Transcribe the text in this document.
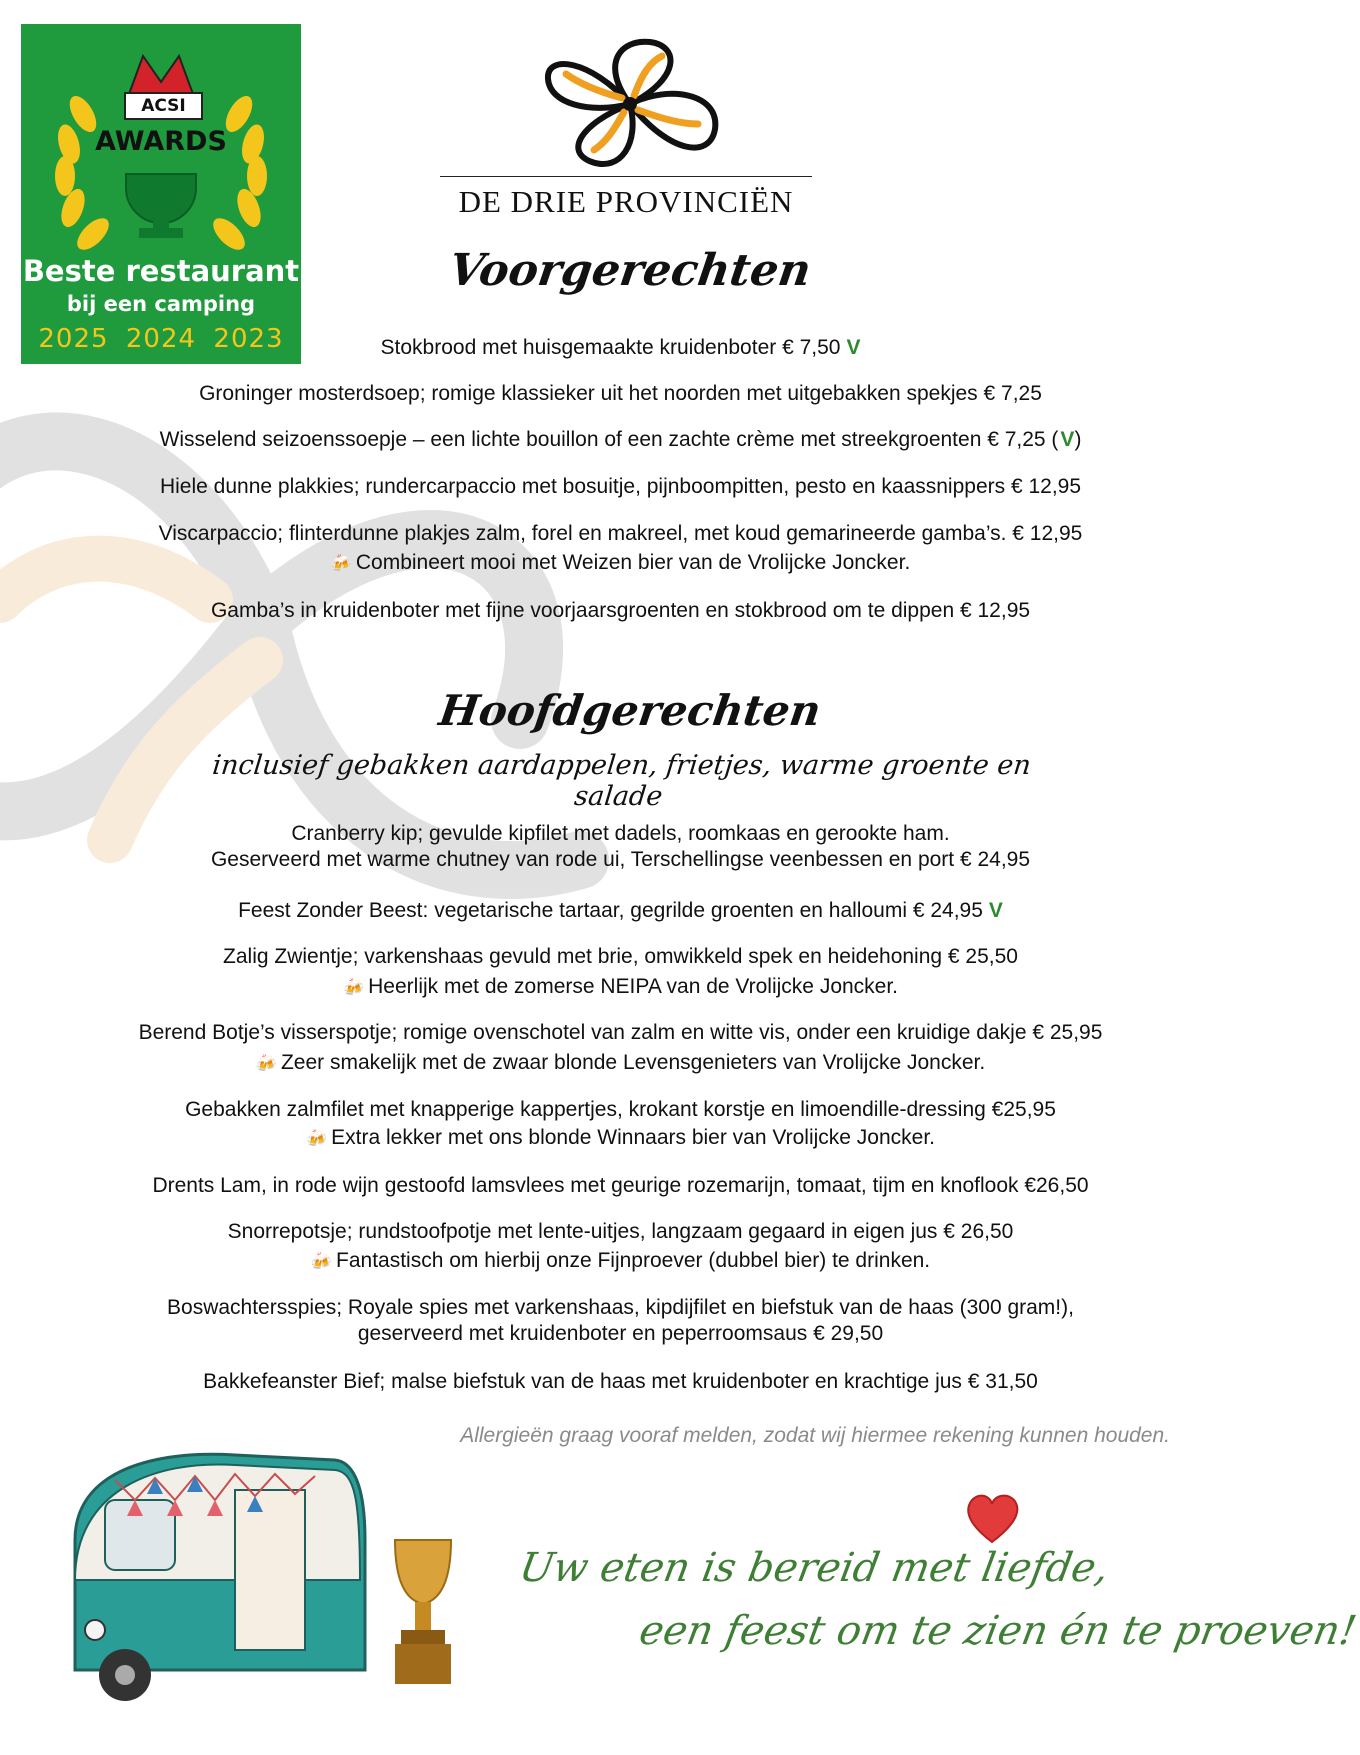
ACSI
AWARDS
Beste restaurant
bij een camping
2025 2024 2023
DE DRIE PROVINCIËN
Voorgerechten
Stokbrood met huisgemaakte kruidenboter € 7,50 V
Groninger mosterdsoep; romige klassieker uit het noorden met uitgebakken spekjes € 7,25
Wisselend seizoenssoepje – een lichte bouillon of een zachte crème met streekgroenten € 7,25 (V)
Hiele dunne plakkies; rundercarpaccio met bosuitje, pijnboompitten, pesto en kaassnippers € 12,95
Viscarpaccio; flinterdunne plakjes zalm, forel en makreel, met koud gemarineerde gamba’s. € 12,95
🍻 Combineert mooi met Weizen bier van de Vrolijcke Joncker.
Gamba’s in kruidenboter met fijne voorjaarsgroenten en stokbrood om te dippen € 12,95
Hoofdgerechten
inclusief gebakken aardappelen, frietjes, warme groente en salade
Cranberry kip; gevulde kipfilet met dadels, roomkaas en gerookte ham.
Geserveerd met warme chutney van rode ui, Terschellingse veenbessen en port € 24,95
Feest Zonder Beest: vegetarische tartaar, gegrilde groenten en halloumi € 24,95 V
Zalig Zwientje; varkenshaas gevuld met brie, omwikkeld spek en heidehoning € 25,50
🍻 Heerlijk met de zomerse NEIPA van de Vrolijcke Joncker.
Berend Botje’s visserspotje; romige ovenschotel van zalm en witte vis, onder een kruidige dakje € 25,95
🍻 Zeer smakelijk met de zwaar blonde Levensgenieters van Vrolijcke Joncker.
Gebakken zalmfilet met knapperige kappertjes, krokant korstje en limoendille-dressing €25,95
🍻 Extra lekker met ons blonde Winnaars bier van Vrolijcke Joncker.
Drents Lam, in rode wijn gestoofd lamsvlees met geurige rozemarijn, tomaat, tijm en knoflook €26,50
Snorrepotsje; rundstoofpotje met lente-uitjes, langzaam gegaard in eigen jus € 26,50
🍻 Fantastisch om hierbij onze Fijnproever (dubbel bier) te drinken.
Boswachtersspies; Royale spies met varkenshaas, kipdijfilet en biefstuk van de haas (300 gram!),
geserveerd met kruidenboter en peperroomsaus € 29,50
Bakkefeanster Bief; malse biefstuk van de haas met kruidenboter en krachtige jus € 31,50
Allergieën graag vooraf melden, zodat wij hiermee rekening kunnen houden.
Uw eten is bereid met liefde,
een feest om te zien én te proeven!
